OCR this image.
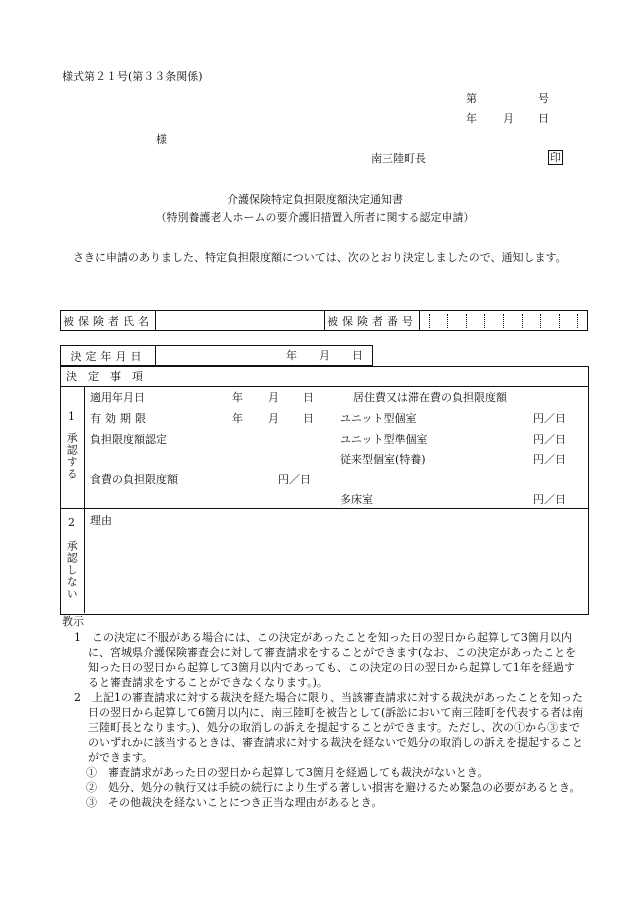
様式第２１号(第３３条関係)
第	号
年 月 日
様
南三陸町長	印
介護保険特定負担限度額決定通知書
（特別養護老人ホームの要介護旧措置入所者に関する認定申請）
　さきに申請のありました、特定負担限度額については、次のとおり決定しましたので、通知します。
被保険者氏名		被保険者番号	
決定年月日	年 月 日
決　定　事　項
1
承認する
適用年月日	年 月 日
有効期限	年 月 日
負担限度額認定
食費の負担限度額	円／日
居住費又は滞在費の負担限度額
ユニット型個室	円／日
ユニット型準個室	円／日
従来型個室(特養)	円／日
多床室	円／日
2
承認しない
理由
教示

1　この決定に不服がある場合には、この決定があったことを知った日の翌日から起算して3箇月以内に、宮城県介護保険審査会に対して審査請求をすることができます(なお、この決定があったことを知った日の翌日から起算して3箇月以内であっても、この決定の日の翌日から起算して1年を経過すると審査請求をすることができなくなります。)。

2　上記1の審査請求に対する裁決を経た場合に限り、当該審査請求に対する裁決があったことを知った日の翌日から起算して6箇月以内に、南三陸町を被告として(訴訟において南三陸町を代表する者は南三陸町長となります。)、処分の取消しの訴えを提起することができます。ただし、次の①から③までのいずれかに該当するときは、審査請求に対する裁決を経ないで処分の取消しの訴えを提起することができます。

①　審査請求があった日の翌日から起算して3箇月を経過しても裁決がないとき。

②　処分、処分の執行又は手続の続行により生ずる著しい損害を避けるため緊急の必要があるとき。

③　その他裁決を経ないことにつき正当な理由があるとき。
